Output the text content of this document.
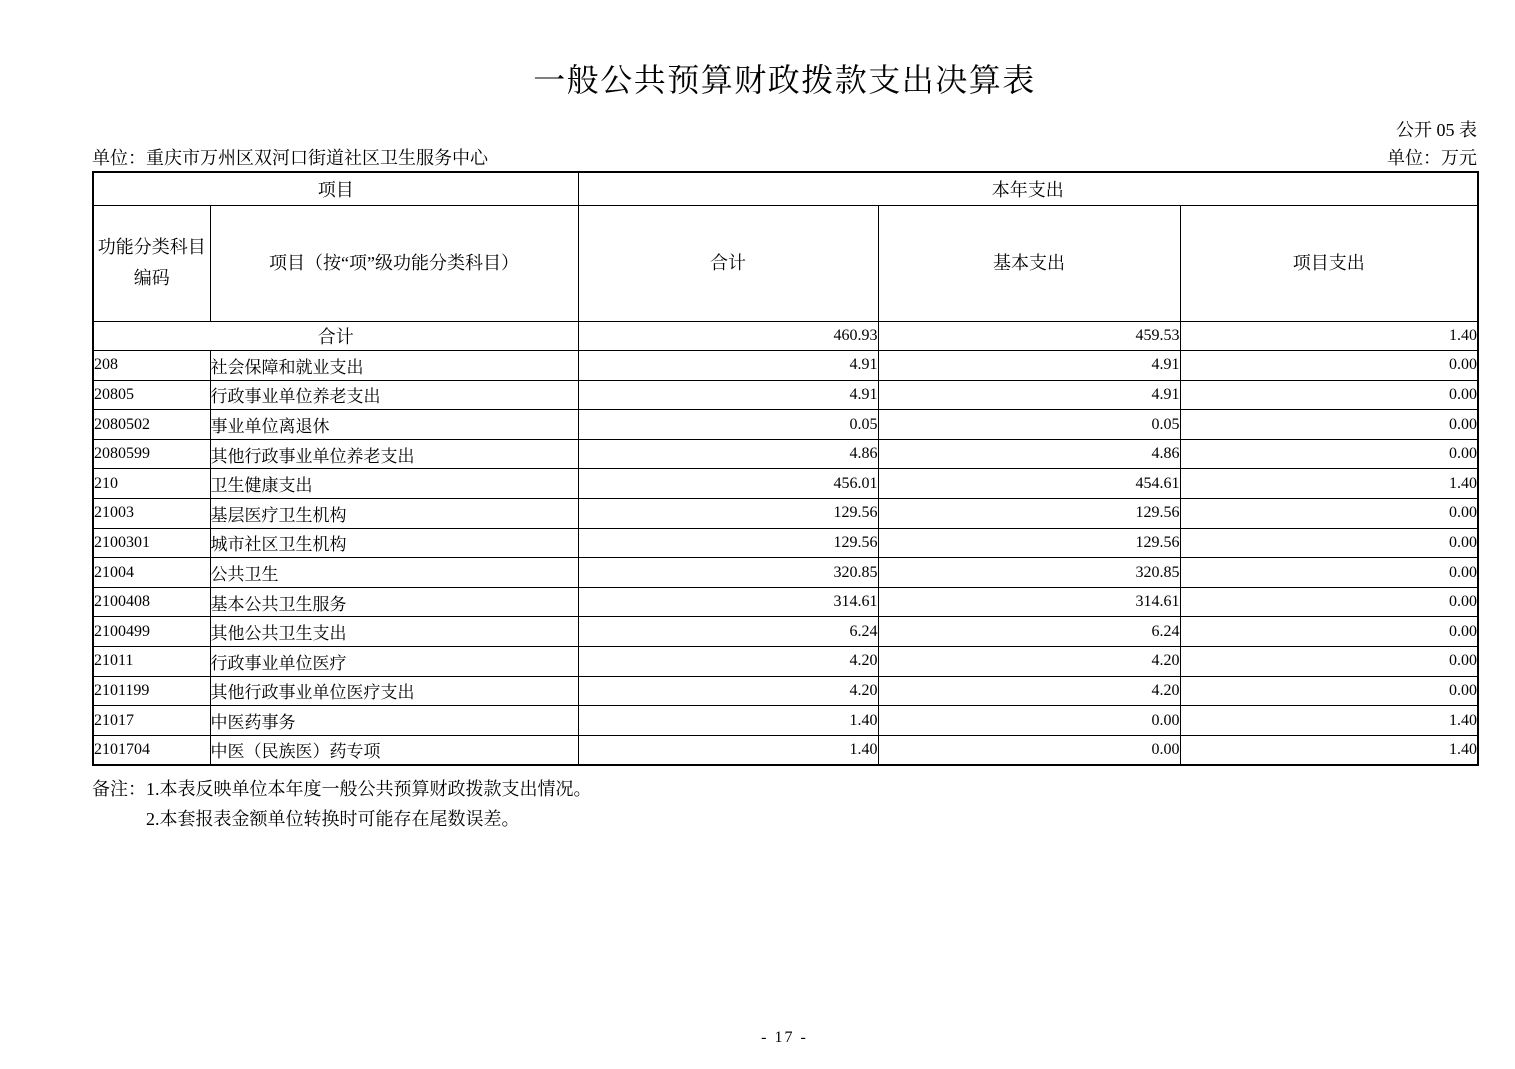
一般公共预算财政拨款支出决算表
公开 05 表
单位：重庆市万州区双河口街道社区卫生服务中心	单位：万元
项目		本年支出		

功能分类科目
编码	项目（按“项”级功能分类科目）	合计	基本支出	项目支出
合计		460.93	459.53	1.40
208	社会保障和就业支出	4.91	4.91	0.00
20805	行政事业单位养老支出	4.91	4.91	0.00
2080502	事业单位离退休	0.05	0.05	0.00
2080599	其他行政事业单位养老支出	4.86	4.86	0.00
210	卫生健康支出	456.01	454.61	1.40
21003	基层医疗卫生机构	129.56	129.56	0.00
2100301	城市社区卫生机构	129.56	129.56	0.00
21004	公共卫生	320.85	320.85	0.00
2100408	基本公共卫生服务	314.61	314.61	0.00
2100499	其他公共卫生支出	6.24	6.24	0.00
21011	行政事业单位医疗	4.20	4.20	0.00
2101199	其他行政事业单位医疗支出	4.20	4.20	0.00
21017	中医药事务	1.40	0.00	1.40
2101704	中医（民族医）药专项	1.40	0.00	1.40
备注：1.本表反映单位本年度一般公共预算财政拨款支出情况。
2.本套报表金额单位转换时可能存在尾数误差。
- 17 -
